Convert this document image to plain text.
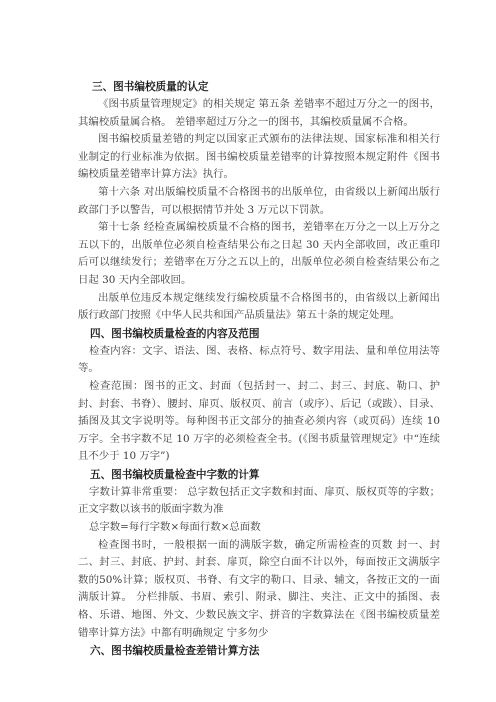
三、图书编校质量的认定

《图书质量管理规定》的相关规定 第五条 差错率不超过万分之一的图书，其编校质量属合格。 差错率超过万分之一的图书，其编校质量属不合格。

图书编校质量差错的判定以国家正式颁布的法律法规、国家标准和相关行业制定的行业标准为依据。图书编校质量差错率的计算按照本规定附件《图书编校质量差错率计算方法》执行。

第十六条 对出版编校质量不合格图书的出版单位，由省级以上新闻出版行政部门予以警告，可以根据情节并处 3 万元以下罚款。

第十七条 经检查属编校质量不合格的图书，差错率在万分之一以上万分之五以下的，出版单位必须自检查结果公布之日起 30 天内全部收回，改正重印后可以继续发行；差错率在万分之五以上的，出版单位必须自检查结果公布之日起 30 天内全部收回。

出版单位违反本规定继续发行编校质量不合格图书的，由省级以上新闻出版行政部门按照《中华人民共和国产品质量法》第五十条的规定处理。

四、图书编校质量检查的内容及范围

检查内容：文字、语法、图、表格、标点符号、数字用法、量和单位用法等等。

检查范围：图书的正文、封面（包括封一、封二、封三、封底、勒口、护封、封套、书脊）、腰封、扉页、版权页、前言（或序）、后记（或跋）、目录、插图及其文字说明等。每种图书正文部分的抽查必须内容（或页码）连续 10 万字。全书字数不足 10 万字的必须检查全书。(《图书质量管理规定》中“连续且不少于 10 万字”)

五、图书编校质量检查中字数的计算

字数计算非常重要： 总字数包括正文字数和封面、扉页、版权页等的字数；正文字数以该书的版面字数为准

总字数=每行字数×每面行数×总面数

检查图书时，一般根据一面的满版字数，确定所需检查的页数 封一、封二、封三、封底、护封、封套、扉页，除空白面不计以外，每面按正文满版字数的50%计算；版权页、书脊、有文字的勒口、目录、辅文，各按正文的一面满版计算。 分栏排版、书眉、索引、附录、脚注、夹注、正文中的插图、表格、乐谱、地图、外文、少数民族文字、拼音的字数算法在《图书编校质量差错率计算方法》中都有明确规定 宁多勿少

六、图书编校质量检查差错计算方法
